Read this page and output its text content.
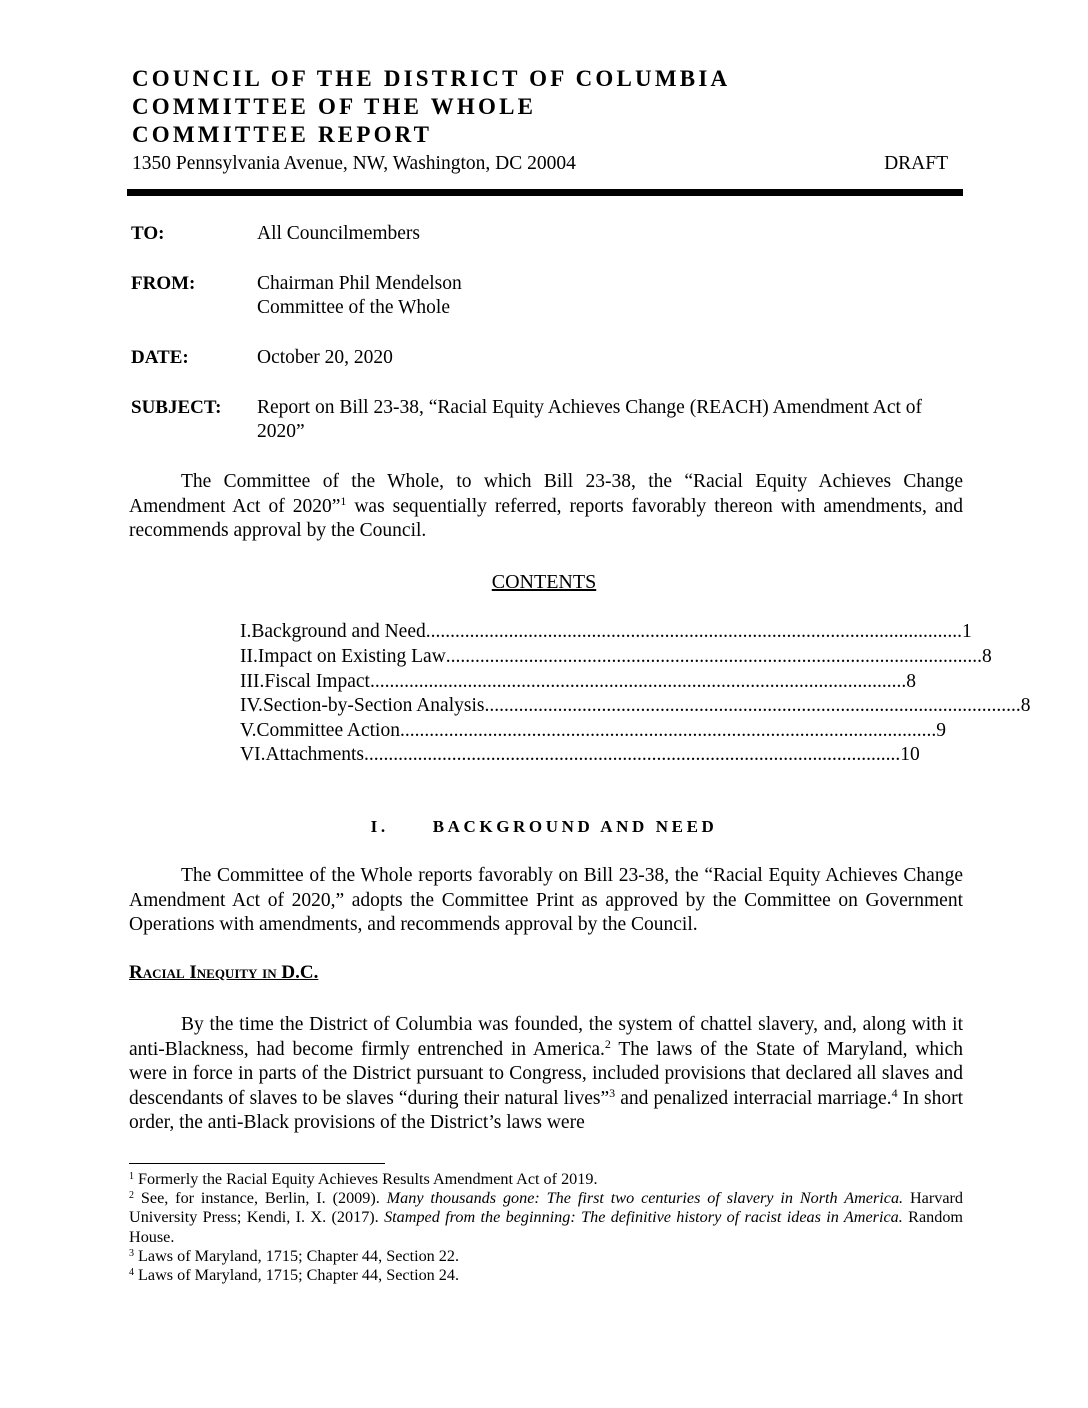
COUNCIL OF THE DISTRICT OF COLUMBIA
COMMITTEE OF THE WHOLE
COMMITTEE REPORT
1350 Pennsylvania Avenue, NW, Washington, DC 20004	DRAFT
TO:	All Councilmembers
FROM:	Chairman Phil Mendelson
Committee of the Whole
DATE:	October 20, 2020
SUBJECT: Report on Bill 23-38, “Racial Equity Achieves Change (REACH) Amendment Act of 2020”
The Committee of the Whole, to which Bill 23-38, the “Racial Equity Achieves Change Amendment Act of 2020”$^1$ was sequentially referred, reports favorably thereon with amendments, and recommends approval by the Council.
CONTENTS
I. Background and Need .............................................................................................................. 1
II. Impact on Existing Law .............................................................................................................. 8
III. Fiscal Impact .............................................................................................................. 8
IV. Section-by-Section Analysis .............................................................................................................. 8
V. Committee Action .............................................................................................................. 9
VI. Attachments .............................................................................................................. 10
I.	BACKGROUND AND NEED
The Committee of the Whole reports favorably on Bill 23-38, the “Racial Equity Achieves Change Amendment Act of 2020,” adopts the Committee Print as approved by the Committee on Government Operations with amendments, and recommends approval by the Council.
Racial Inequity in D.C.
By the time the District of Columbia was founded, the system of chattel slavery, and, along with it anti-Blackness, had become firmly entrenched in America.$^2$ The laws of the State of Maryland, which were in force in parts of the District pursuant to Congress, included provisions that declared all slaves and descendants of slaves to be slaves “during their natural lives”$^3$ and penalized interracial marriage.$^4$ In short order, the anti-Black provisions of the District’s laws were
$^1$ Formerly the Racial Equity Achieves Results Amendment Act of 2019.
$^2$ See, for instance, Berlin, I. (2009). Many thousands gone: The first two centuries of slavery in North America. Harvard University Press; Kendi, I. X. (2017). Stamped from the beginning: The definitive history of racist ideas in America. Random House.
$^3$ Laws of Maryland, 1715; Chapter 44, Section 22.
$^4$ Laws of Maryland, 1715; Chapter 44, Section 24.
